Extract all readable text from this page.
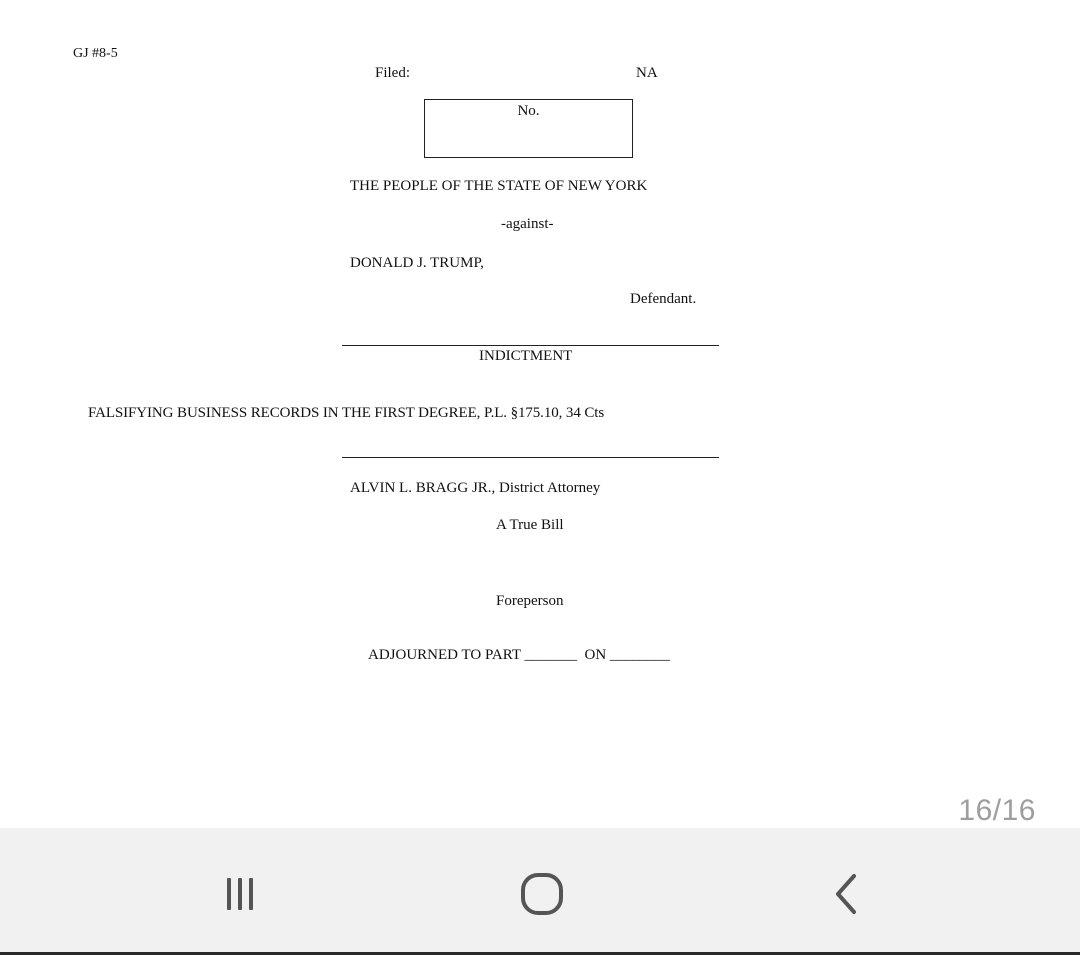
GJ #8-5
Filed:	NA
No.
THE PEOPLE OF THE STATE OF NEW YORK
-against-
DONALD J. TRUMP,
Defendant.
INDICTMENT
FALSIFYING BUSINESS RECORDS IN THE FIRST DEGREE, P.L. §175.10, 34 Cts
ALVIN L. BRAGG JR., District Attorney
A True Bill
Foreperson
ADJOURNED TO PART _______  ON ________
16/16
